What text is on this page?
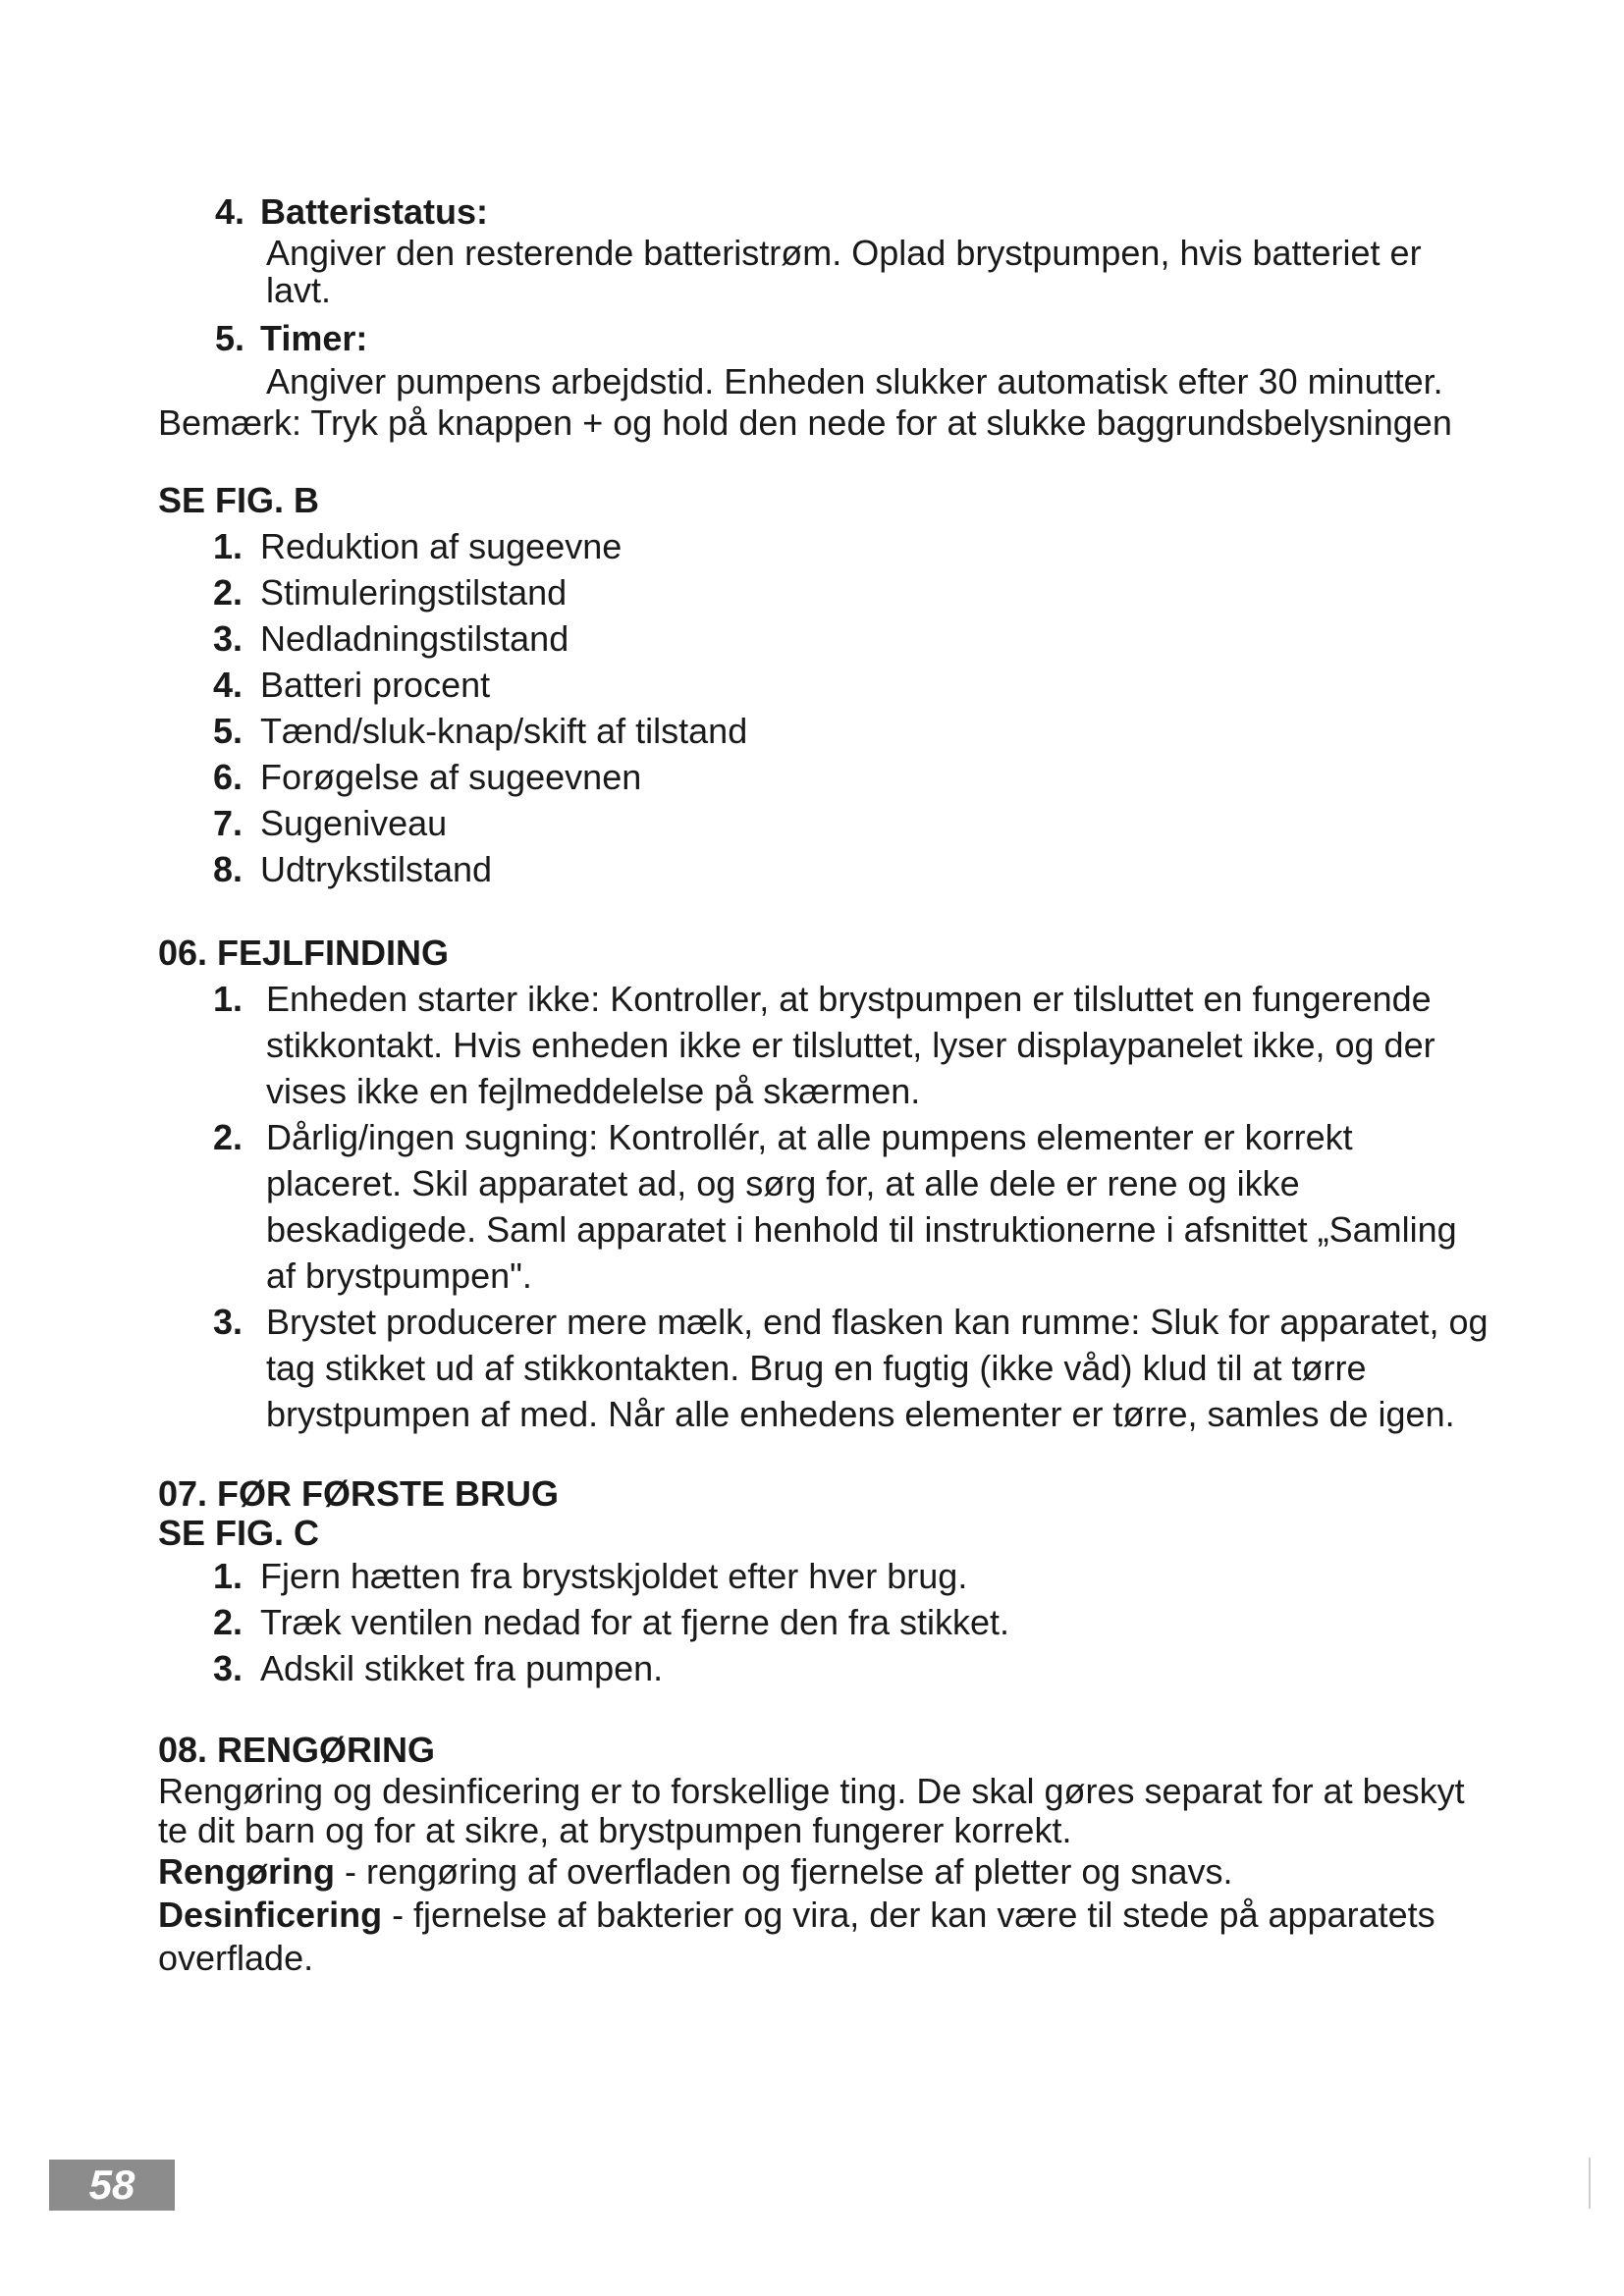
4. Batteristatus:
Angiver den resterende batteristrøm. Oplad brystpumpen, hvis batteriet er lavt.
5. Timer:
Angiver pumpens arbejdstid. Enheden slukker automatisk efter 30 minutter.
Bemærk: Tryk på knappen + og hold den nede for at slukke baggrundsbelysningen
SE FIG. B
1. Reduktion af sugeevne
2. Stimuleringstilstand
3. Nedladningstilstand
4. Batteri procent
5. Tænd/sluk-knap/skift af tilstand
6. Forøgelse af sugeevnen
7. Sugeniveau
8. Udtrykstilstand
06. FEJLFINDING
1. Enheden starter ikke: Kontroller, at brystpumpen er tilsluttet en fungerende stikkontakt. Hvis enheden ikke er tilsluttet, lyser displaypanelet ikke, og der vises ikke en fejlmeddelelse på skærmen.
2. Dårlig/ingen sugning: Kontrollér, at alle pumpens elementer er korrekt placeret. Skil apparatet ad, og sørg for, at alle dele er rene og ikke beskadigede. Saml apparatet i henhold til instruktionerne i afsnittet „Samling af brystpumpen".
3. Brystet producerer mere mælk, end flasken kan rumme: Sluk for apparatet, og tag stikket ud af stikkontakten. Brug en fugtig (ikke våd) klud til at tørre brystpumpen af med. Når alle enhedens elementer er tørre, samles de igen.
07. FØR FØRSTE BRUG
SE FIG. C
1. Fjern hætten fra brystskjoldet efter hver brug.
2. Træk ventilen nedad for at fjerne den fra stikket.
3. Adskil stikket fra pumpen.
08. RENGØRING

Rengøring og desinficering er to forskellige ting. De skal gøres separat for at beskyt te dit barn og for at sikre, at brystpumpen fungerer korrekt.

Rengøring - rengøring af overfladen og fjernelse af pletter og snavs.

Desinficering - fjernelse af bakterier og vira, der kan være til stede på apparatets overflade.

58
